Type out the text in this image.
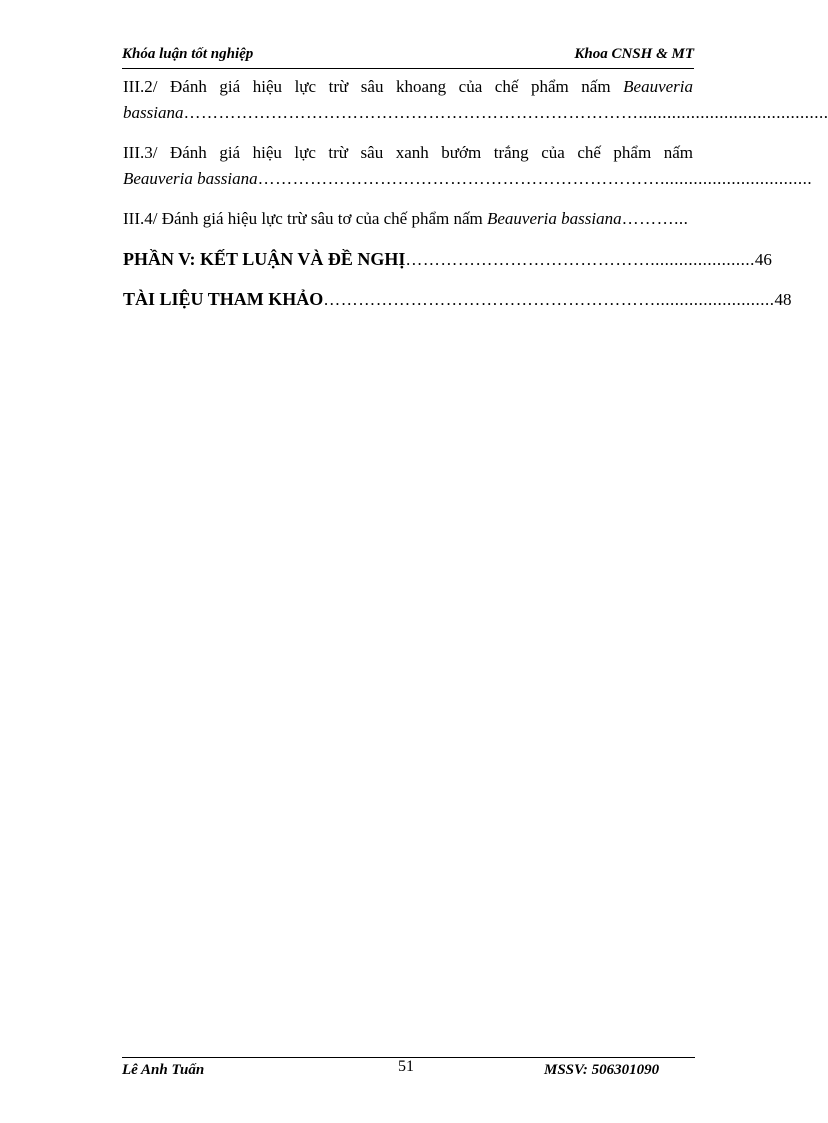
Khóa luận tốt nghiệp	Khoa CNSH & MT
III.2/ Đánh giá hiệu lực trừ sâu khoang của chế phẩm nấm Beauveria
bassiana ……………………………………………………………………........................................
III.3/ Đánh giá hiệu lực trừ sâu xanh bướm trắng của chế phẩm nấm
Beauveria bassiana ……………………………………………………………................................
III.4/ Đánh giá hiệu lực trừ sâu tơ của chế phẩm nấm
Beauveria bassiana ………...
PHẦN V: KẾT LUẬN VÀ ĐỀ NGHỊ ……………………………………...................... 46
TÀI LIỆU THAM KHẢO …………………………………………………......................... 48
Lê Anh Tuấn	51	MSSV: 506301090
